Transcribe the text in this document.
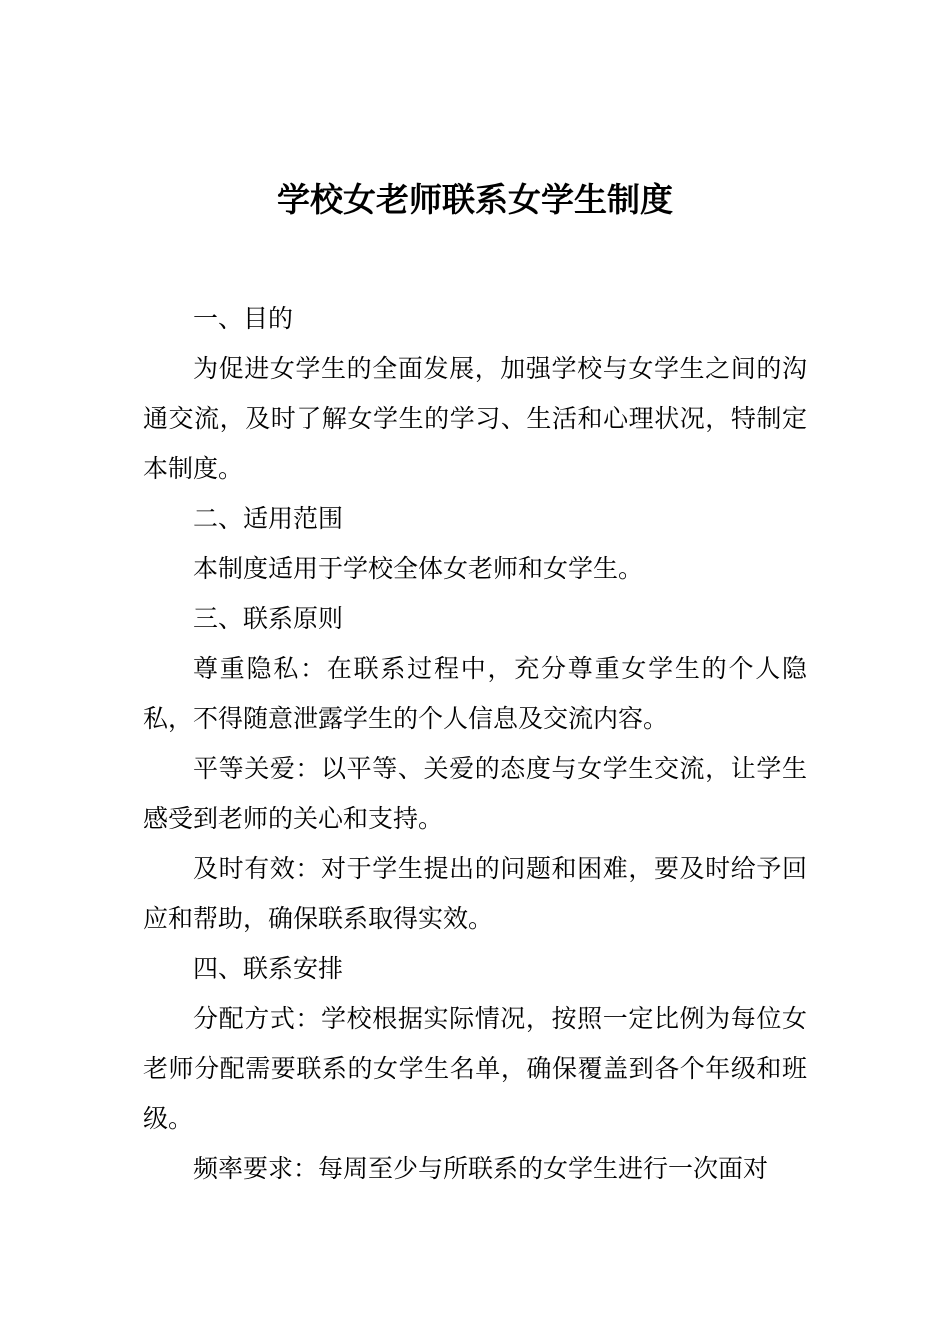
学校女老师联系女学生制度

一、目的

为促进女学生的全面发展，加强学校与女学生之间的沟通交流，及时了解女学生的学习、生活和心理状况，特制定本制度。

二、适用范围

本制度适用于学校全体女老师和女学生。

三、联系原则

尊重隐私：在联系过程中，充分尊重女学生的个人隐私，不得随意泄露学生的个人信息及交流内容。

平等关爱：以平等、关爱的态度与女学生交流，让学生感受到老师的关心和支持。

及时有效：对于学生提出的问题和困难，要及时给予回应和帮助，确保联系取得实效。

四、联系安排

分配方式：学校根据实际情况，按照一定比例为每位女老师分配需要联系的女学生名单，确保覆盖到各个年级和班级。

频率要求：每周至少与所联系的女学生进行一次面对
